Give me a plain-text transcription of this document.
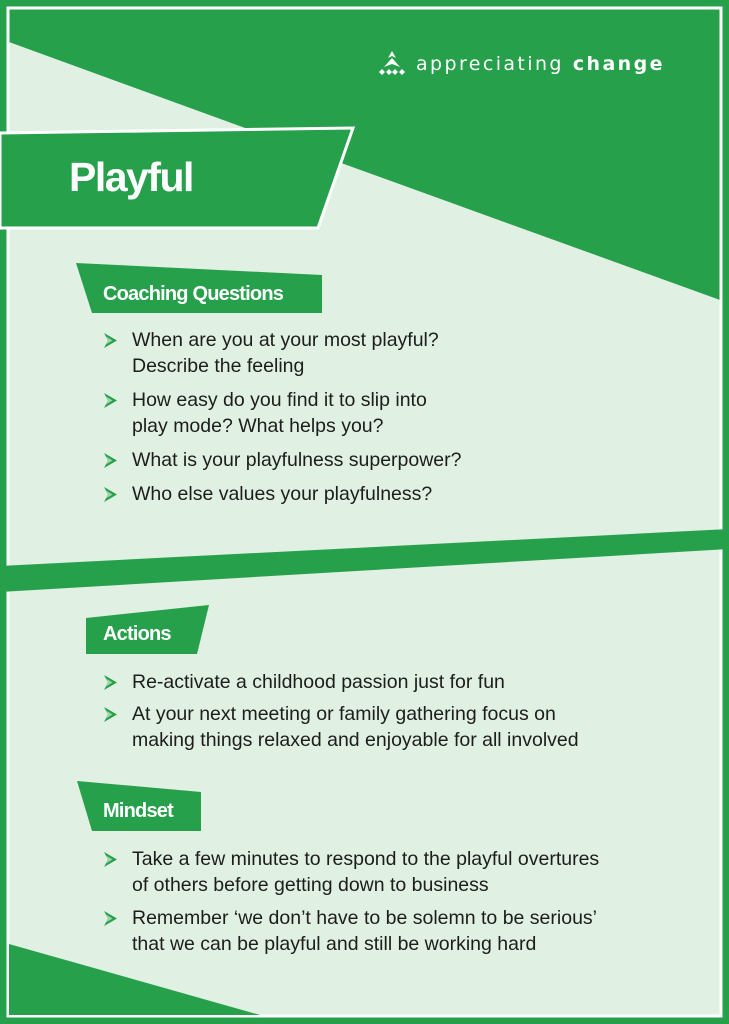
appreciating change
Playful
Coaching Questions
When are you at your most playful?
Describe the feeling
How easy do you find it to slip into
play mode? What helps you?
What is your playfulness superpower?
Who else values your playfulness?
Actions
Re-activate a childhood passion just for fun
At your next meeting or family gathering focus on
making things relaxed and enjoyable for all involved
Mindset
Take a few minutes to respond to the playful overtures
of others before getting down to business
Remember ‘we don’t have to be solemn to be serious’
that we can be playful and still be working hard
